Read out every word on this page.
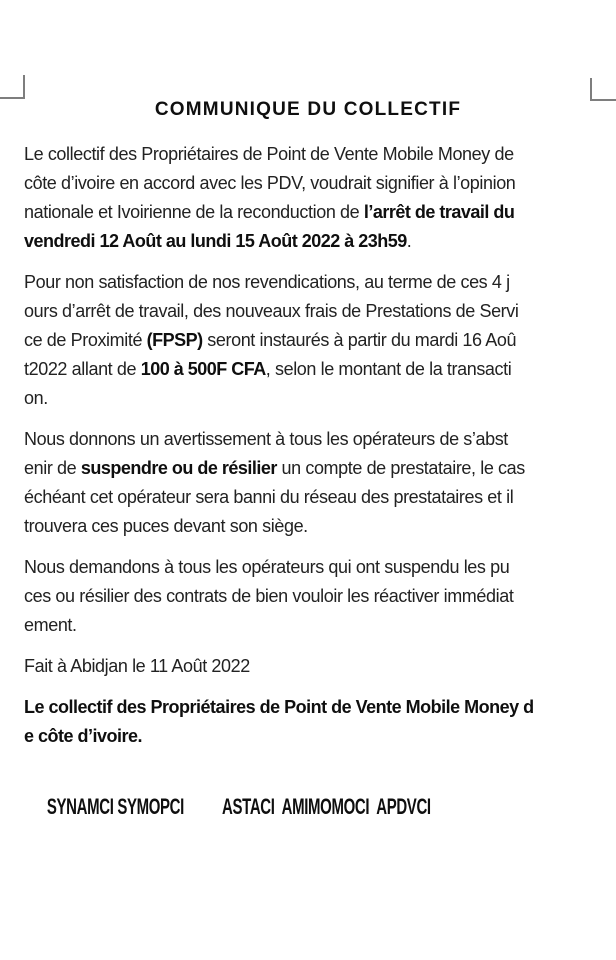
COMMUNIQUE DU COLLECTIF

Le collectif des Propriétaires de Point de Vente Mobile Money de
côte d’ivoire en accord avec les PDV, voudrait signifier à l’opinion
nationale et Ivoirienne de la reconduction de l’arrêt de travail du
vendredi 12 Août au lundi 15 Août 2022 à 23h59.

Pour non satisfaction de nos revendications, au terme de ces 4 j
ours d’arrêt de travail, des nouveaux frais de Prestations de Servi
ce de Proximité (FPSP) seront instaurés à partir du mardi 16 Aoû
t2022 allant de 100 à 500F CFA, selon le montant de la transacti
on.

Nous donnons un avertissement à tous les opérateurs de s’abst
enir de suspendre ou de résilier un compte de prestataire, le cas
échéant cet opérateur sera banni du réseau des prestataires et il
trouvera ces puces devant son siège.

Nous demandons à tous les opérateurs qui ont suspendu les pu
ces ou résilier des contrats de bien vouloir les réactiver immédiat
ement.

Fait à Abidjan le 11 Août 2022

Le collectif des Propriétaires de Point de Vente Mobile Money d
e côte d’ivoire.

SYNAMCI SYMOPCI ASTACI  AMIMOMOCI  APDVCI
